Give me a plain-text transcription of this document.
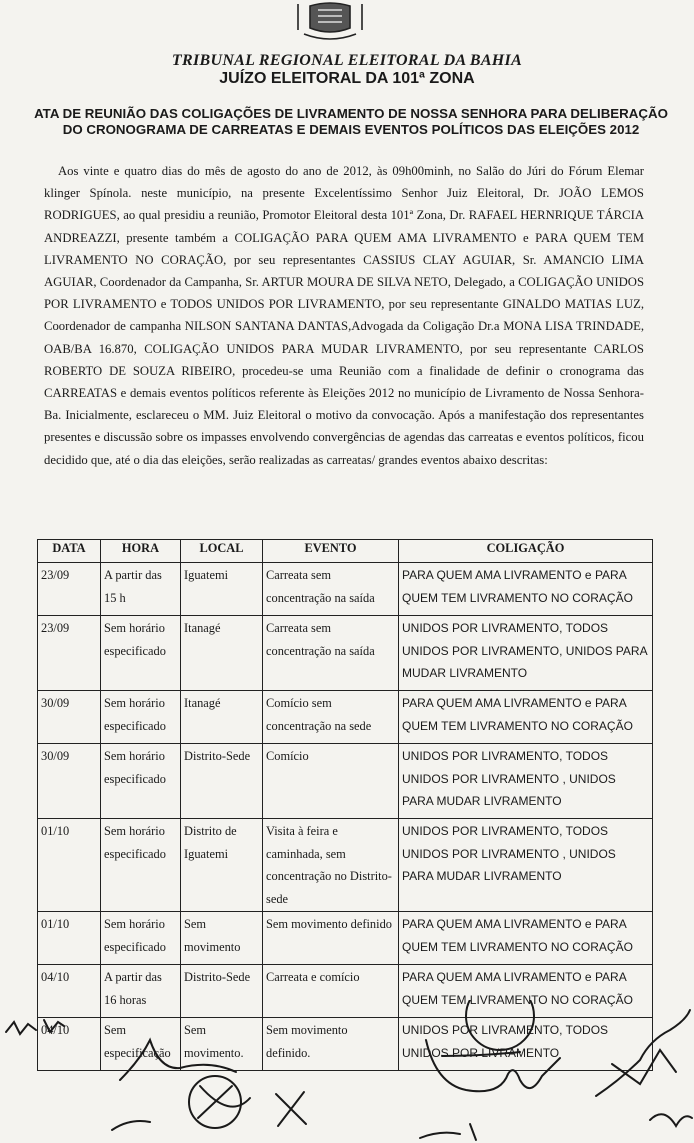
TRIBUNAL REGIONAL ELEITORAL DA BAHIA
JUÍZO ELEITORAL DA 101ª ZONA
ATA DE REUNIÃO DAS COLIGAÇÕES DE LIVRAMENTO DE NOSSA SENHORA PARA DELIBERAÇÃO DO CRONOGRAMA DE CARREATAS E DEMAIS EVENTOS POLÍTICOS DAS ELEIÇÕES 2012
Aos vinte e quatro dias do mês de agosto do ano de 2012, às 09h00minh, no Salão do Júri do Fórum Elemar klinger Spínola. neste município, na presente Excelentíssimo Senhor Juiz Eleitoral, Dr. JOÃO LEMOS RODRIGUES, ao qual presidiu a reunião, Promotor Eleitoral desta 101ª Zona, Dr. RAFAEL HERNRIQUE TÁRCIA ANDREAZZI, presente também a COLIGAÇÃO PARA QUEM AMA LIVRAMENTO e PARA QUEM TEM LIVRAMENTO NO CORAÇÃO, por seu representantes CASSIUS CLAY AGUIAR, Sr. AMANCIO LIMA AGUIAR, Coordenador da Campanha, Sr. ARTUR MOURA DE SILVA NETO, Delegado, a COLIGAÇÃO UNIDOS POR LIVRAMENTO e TODOS UNIDOS POR LIVRAMENTO, por seu representante GINALDO MATIAS LUZ, Coordenador de campanha NILSON SANTANA DANTAS,Advogada da Coligação Dr.a MONA LISA TRINDADE, OAB/BA 16.870, COLIGAÇÃO UNIDOS PARA MUDAR LIVRAMENTO, por seu representante CARLOS ROBERTO DE SOUZA RIBEIRO, procedeu-se uma Reunião com a finalidade de definir o cronograma das CARREATAS e demais eventos políticos referente às Eleições 2012 no município de Livramento de Nossa Senhora-Ba. Inicialmente, esclareceu o MM. Juiz Eleitoral o motivo da convocação. Após a manifestação dos representantes presentes e discussão sobre os impasses envolvendo convergências de agendas das carreatas e eventos políticos, ficou decidido que, até o dia das eleições, serão realizadas as carreatas/ grandes eventos abaixo descritas:
DATA	HORA	LOCAL	EVENTO	COLIGAÇÃO
23/09	A partir das 15 h	Iguatemi	Carreata sem concentração na saída	PARA QUEM AMA LIVRAMENTO e PARA QUEM TEM LIVRAMENTO NO CORAÇÃO
23/09	Sem horário especificado	Itanagé	Carreata sem concentração na saída	UNIDOS POR LIVRAMENTO, TODOS UNIDOS POR LIVRAMENTO, UNIDOS PARA MUDAR LIVRAMENTO
30/09	Sem horário especificado	Itanagé	Comício sem concentração na sede	PARA QUEM AMA LIVRAMENTO e PARA QUEM TEM LIVRAMENTO NO CORAÇÃO
30/09	Sem horário especificado	Distrito-Sede	Comício	UNIDOS POR LIVRAMENTO, TODOS UNIDOS POR LIVRAMENTO , UNIDOS PARA MUDAR LIVRAMENTO
01/10	Sem horário especificado	Distrito de Iguatemi	Visita à feira e caminhada, sem concentração no Distrito-sede	UNIDOS POR LIVRAMENTO, TODOS UNIDOS POR LIVRAMENTO , UNIDOS PARA MUDAR LIVRAMENTO
01/10	Sem horário especificado	Sem movimento	Sem movimento definido	PARA QUEM AMA LIVRAMENTO e PARA QUEM TEM LIVRAMENTO NO CORAÇÃO
04/10	A partir das 16 horas	Distrito-Sede	Carreata e comício	PARA QUEM AMA LIVRAMENTO e PARA QUEM TEM LIVRAMENTO NO CORAÇÃO
04/10	Sem especificação	Sem movimento.	Sem movimento definido.	UNIDOS POR LIVRAMENTO, TODOS UNIDOS POR LIVRAMENTO
